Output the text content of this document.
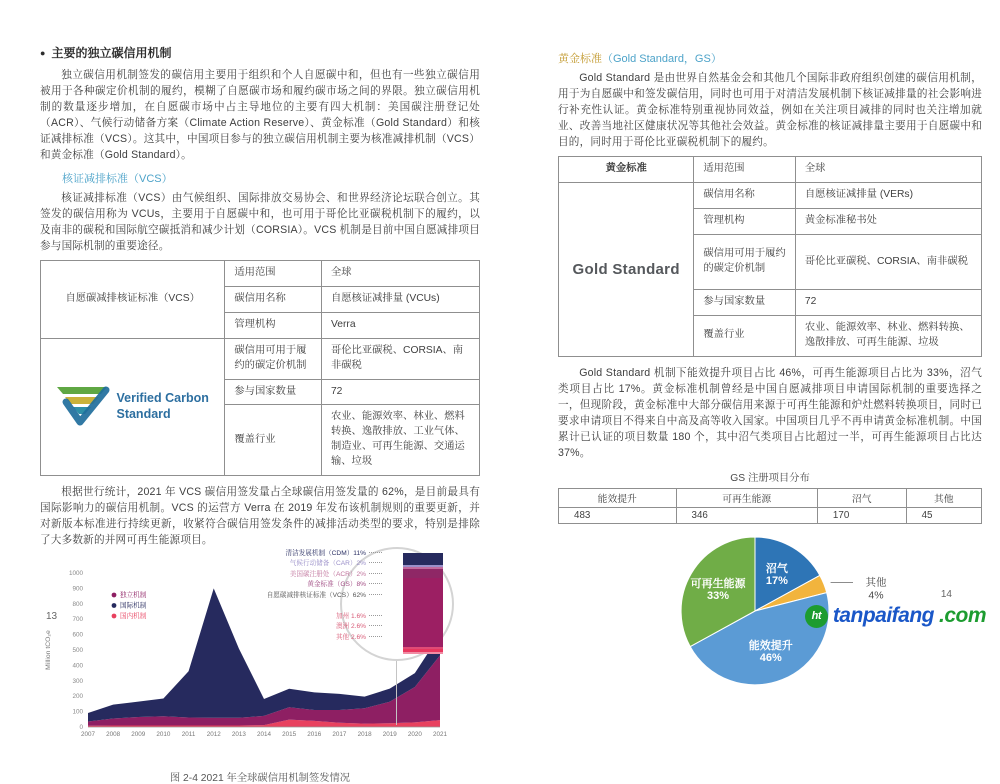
● 主要的独立碳信用机制

独立碳信用机制签发的碳信用主要用于组织和个人自愿碳中和，但也有一些独立碳信用被用于各种碳定价机制的履约，模糊了自愿碳市场和履约碳市场之间的界限。独立碳信用机制的数量逐步增加，在自愿碳市场中占主导地位的主要有四大机制：美国碳注册登记处（ACR）、气候行动储备方案（Climate Action Reserve）、黄金标准（Gold Standard）和核证减排标准（VCS）。这其中，中国项目参与的独立碳信用机制主要为核准减排机制（VCS）和黄金标准（Gold Standard）。

核证减排标准（VCS）

核证减排标准（VCS）由气候组织、国际排放交易协会、和世界经济论坛联合创立。其签发的碳信用称为 VCUs，主要用于自愿碳中和，也可用于哥伦比亚碳税机制下的履约，以及南非的碳税和国际航空碳抵消和减少计划（CORSIA）。VCS 机制是目前中国自愿减排项目参与国际机制的重要途径。

自愿碳减排核证标准（VCS）	适用范围	全球
	碳信用名称	自愿核证减排量 (VCUs)
	管理机构	Verra

Verified Carbon
Standard	碳信用可用于履约的碳定价机制	哥伦比亚碳税、CORSIA、南非碳税
	参与国家数量	72
	覆盖行业	农业、能源效率、林业、燃料转换、逸散排放、工业气体、制造业、可再生能源、交通运输、垃圾

根据世行统计，2021 年 VCS 碳信用签发量占全球碳信用签发量的 62%，是目前最具有国际影响力的碳信用机制。VCS 的运营方 Verra 在 2019 年发布该机制规则的重要更新，并对新版本标准进行持续更新，收紧符合碳信用签发条件的减排活动类型的要求，特别是排除了大多数新的并网可再生能源项目。

0
100
200
300
400
500
600
700
800
900
1000
2007 2008 2009 2010 2011 2012 2013 2014 2015 2016 2017 2018 2019 2020 2021
Million tCO₂e
独立机制
国际机制
国内机制
清洁发展机制（CDM）11%
气候行动储备（CAR）2%
美国碳注册处（ACR）2%
黄金标准（GS）8%
自愿碳减排核证标准（VCS）62%
加州 1.6%
澳洲 2.6%
其他 2.6%
图 2-4 2021 年全球碳信用机制签发情况
13
黄金标准（Gold Standard，GS）

Gold Standard 是由世界自然基金会和其他几个国际非政府组织创建的碳信用机制，用于为自愿碳中和签发碳信用，同时也可用于对清洁发展机制下核证减排量的社会影响进行补充性认证。黄金标准特别重视协同效益，例如在关注项目减排的同时也关注增加就业、改善当地社区健康状况等其他社会效益。黄金标准的核证减排量主要用于自愿碳中和目的，同时用于哥伦比亚碳税机制下的履约。

黄金标准	适用范围	全球
Gold Standard	碳信用名称	自愿核证减排量 (VERs)
	管理机构	黄金标准秘书处
	碳信用可用于履约的碳定价机制	哥伦比亚碳税、CORSIA、南非碳税
	参与国家数量	72
	覆盖行业	农业、能源效率、林业、燃料转换、逸散排放、可再生能源、垃圾

Gold Standard 机制下能效提升项目占比 46%，可再生能源项目占比为 33%，沼气类项目占比 17%。黄金标准机制曾经是中国自愿减排项目申请国际机制的重要选择之一，但现阶段，黄金标准中大部分碳信用来源于可再生能源和炉灶燃料转换项目，同时已要求申请项目不得来自中高及高等收入国家。中国项目几乎不再申请黄金标准机制。中国累计已认证的项目数量 180 个，其中沼气类项目占比超过一半，可再生能源项目占比达 37%。

GS 注册项目分布
能效提升	可再生能源	沼气	其他
483	346	170	45
沼气 17%	其他 4%
能效提升 46%
可再生能源 33%	14
ht tanpaifang .com
